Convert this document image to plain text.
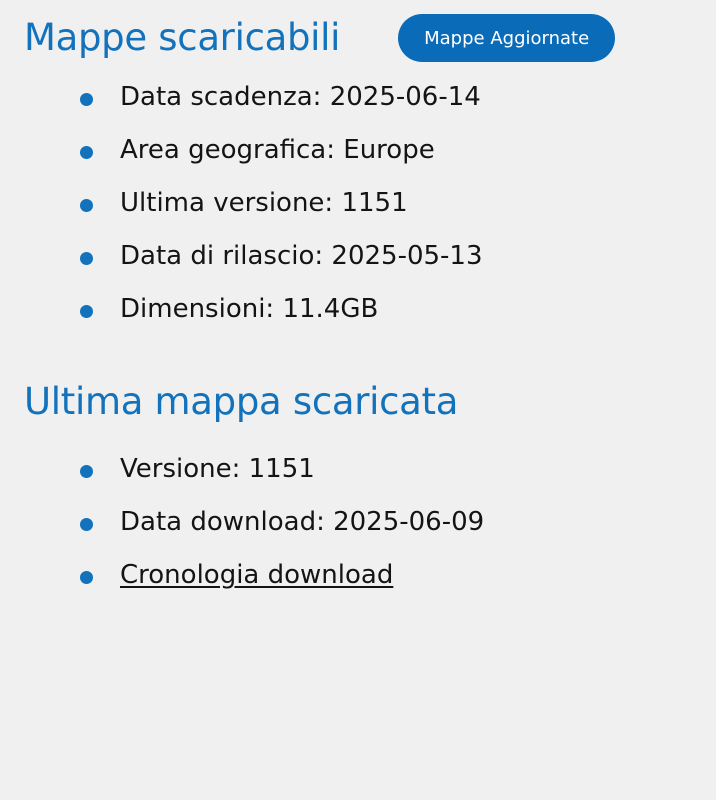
Mappe scaricabili	Mappe Aggiornate
Data scadenza: 2025-06-14
Area geografica: Europe
Ultima versione: 1151
Data di rilascio: 2025-05-13
Dimensioni: 11.4GB
Ultima mappa scaricata
Versione: 1151
Data download: 2025-06-09
Cronologia download
